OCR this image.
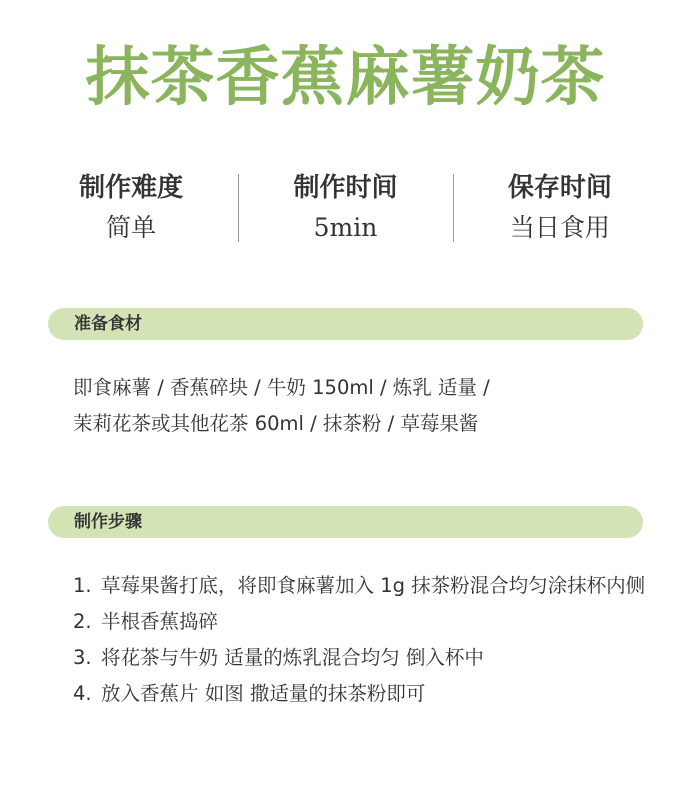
抹茶香蕉麻薯奶茶
制作难度
简单
制作时间
5min
保存时间
当日食用
准备食材
即食麻薯 / 香蕉碎块 / 牛奶 150ml / 炼乳 适量 /
茉莉花茶或其他花茶 60ml / 抹茶粉 / 草莓果酱
制作步骤
1. 草莓果酱打底，将即食麻薯加入 1g 抹茶粉混合均匀涂抹杯内侧
2. 半根香蕉捣碎
3. 将花茶与牛奶 适量的炼乳混合均匀 倒入杯中
4. 放入香蕉片 如图 撒适量的抹茶粉即可
